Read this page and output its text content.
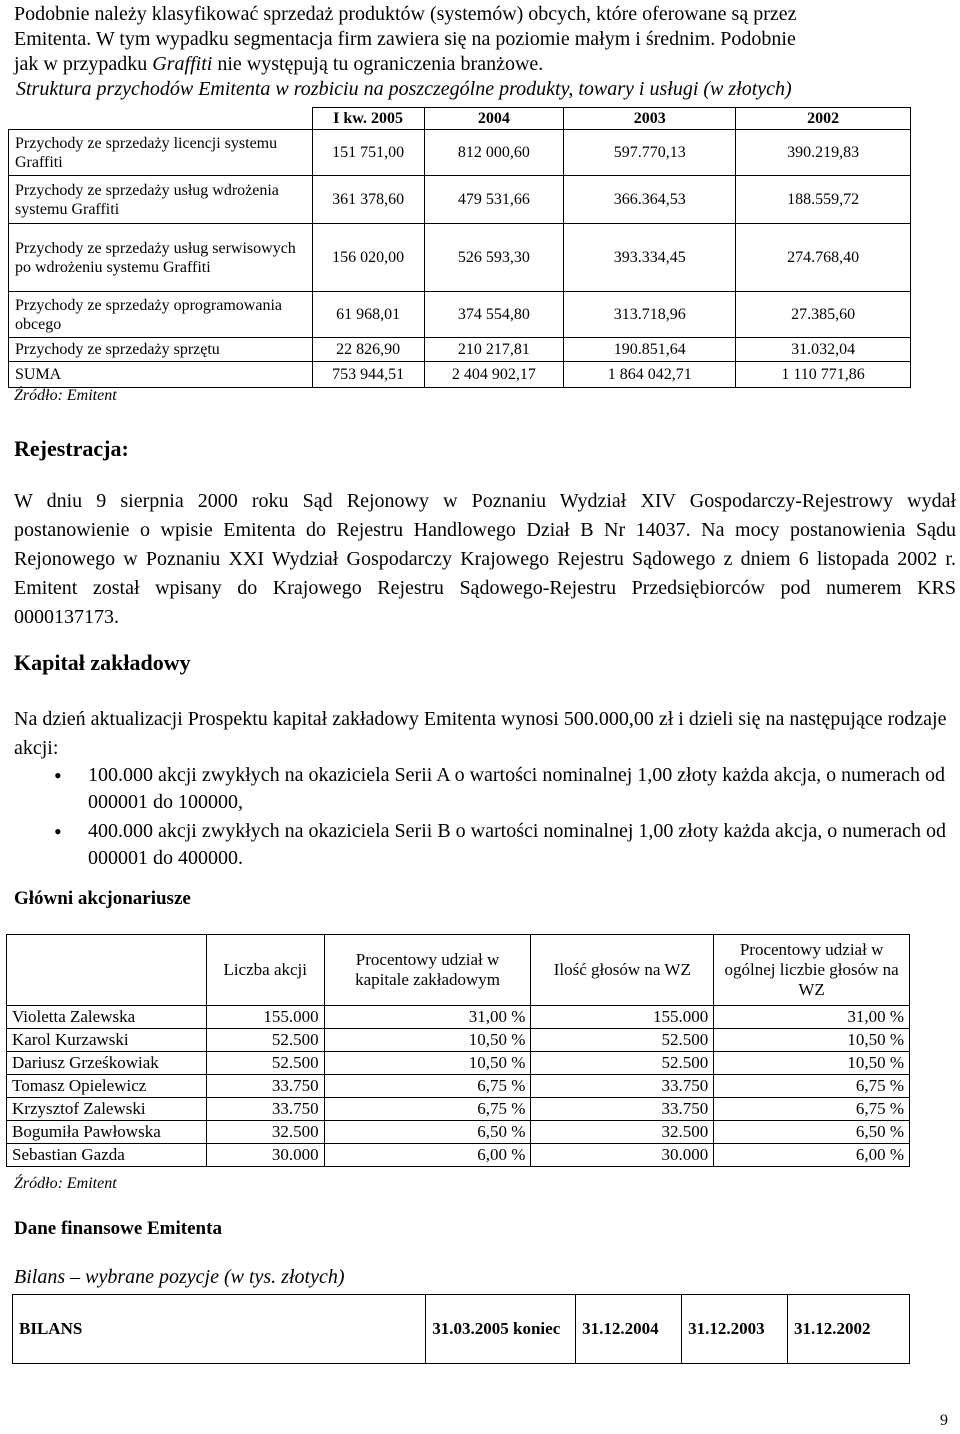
Podobnie należy klasyfikować sprzedaż produktów (systemów) obcych, które oferowane są przez

Emitenta. W tym wypadku segmentacja firm zawiera się na poziomie małym i średnim. Podobnie

jak w przypadku Graffiti nie występują tu ograniczenia branżowe.

Struktura przychodów Emitenta w rozbiciu na poszczególne produkty, towary i usługi (w złotych)
	I kw. 2005	2004	2003	2002
Przychody ze sprzedaży licencji systemu Graffiti	151 751,00	812 000,60	597.770,13	390.219,83
Przychody ze sprzedaży usług wdrożenia systemu Graffiti	361 378,60	479 531,66	366.364,53	188.559,72
Przychody ze sprzedaży usług serwisowych po wdrożeniu systemu Graffiti	156 020,00	526 593,30	393.334,45	274.768,40
Przychody ze sprzedaży oprogramowania obcego	61 968,01	374 554,80	313.718,96	27.385,60
Przychody ze sprzedaży sprzętu	22 826,90	210 217,81	190.851,64	31.032,04
SUMA	753 944,51	2 404 902,17	1 864 042,71	1 110 771,86
Źródło: Emitent
Rejestracja:

W dniu 9 sierpnia 2000 roku Sąd Rejonowy w Poznaniu Wydział XIV Gospodarczy-Rejestrowy wydał postanowienie o wpisie Emitenta do Rejestru Handlowego Dział B Nr 14037. Na mocy postanowienia Sądu Rejonowego w Poznaniu XXI Wydział Gospodarczy Krajowego Rejestru Sądowego z dniem 6 listopada 2002 r. Emitent został wpisany do Krajowego Rejestru Sądowego-Rejestru Przedsiębiorców pod numerem KRS 0000137173.

Kapitał zakładowy

Na dzień aktualizacji Prospektu kapitał zakładowy Emitenta wynosi 500.000,00 zł i dzieli się na następujące rodzaje akcji:

• 100.000 akcji zwykłych na okaziciela Serii A o wartości nominalnej 1,00 złoty każda akcja, o numerach od 000001 do 100000,
• 400.000 akcji zwykłych na okaziciela Serii B o wartości nominalnej 1,00 złoty każda akcja, o numerach od 000001 do 400000.
Główni akcjonariusze
	Liczba akcji	Procentowy udział w kapitale zakładowym	Ilość głosów na WZ	Procentowy udział w ogólnej liczbie głosów na WZ
Violetta Zalewska	155.000	31,00 %	155.000	31,00 %
Karol Kurzawski	52.500	10,50 %	52.500	10,50 %
Dariusz Grześkowiak	52.500	10,50 %	52.500	10,50 %
Tomasz Opielewicz	33.750	6,75 %	33.750	6,75 %
Krzysztof Zalewski	33.750	6,75 %	33.750	6,75 %
Bogumiła Pawłowska	32.500	6,50 %	32.500	6,50 %
Sebastian Gazda	30.000	6,00 %	30.000	6,00 %
Źródło: Emitent
Dane finansowe Emitenta
Bilans – wybrane pozycje (w tys. złotych)
BILANS	31.03.2005 koniec	31.12.2004	31.12.2003	31.12.2002
9
